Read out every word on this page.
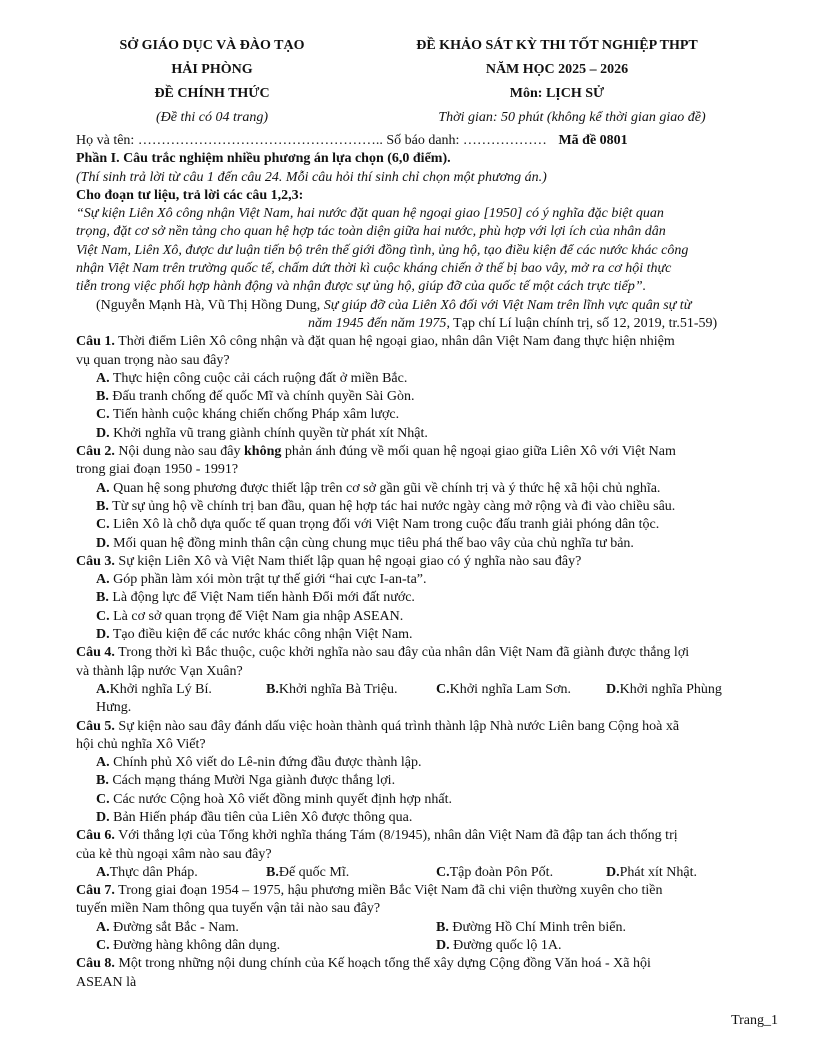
SỞ GIÁO DỤC VÀ ĐÀO TẠO
HẢI PHÒNG
ĐỀ CHÍNH THỨC
(Đề thi có 04 trang)
ĐỀ KHẢO SÁT KỲ THI TỐT NGHIỆP THPT
NĂM HỌC 2025 – 2026
Môn: LỊCH SỬ
Thời gian: 50 phút (không kể thời gian giao đề)
Họ và tên: …………………………………………….. Số báo danh: ……………… Mã đề 0801
Phần I. Câu trắc nghiệm nhiều phương án lựa chọn (6,0 điểm).
(Thí sinh trả lời từ câu 1 đến câu 24. Mỗi câu hỏi thí sinh chỉ chọn một phương án.)
Cho đoạn tư liệu, trả lời các câu 1,2,3:
“Sự kiện Liên Xô công nhận Việt Nam, hai nước đặt quan hệ ngoại giao [1950] có ý nghĩa đặc biệt quan
trọng, đặt cơ sở nền tảng cho quan hệ hợp tác toàn diện giữa hai nước, phù hợp với lợi ích của nhân dân
Việt Nam, Liên Xô, được dư luận tiến bộ trên thế giới đồng tình, ủng hộ, tạo điều kiện để các nước khác công
nhận Việt Nam trên trường quốc tế, chấm dứt thời kì cuộc kháng chiến ở thế bị bao vây, mở ra cơ hội thực
tiễn trong việc phối hợp hành động và nhận được sự ủng hộ, giúp đỡ của quốc tế một cách trực tiếp”.
(Nguyễn Mạnh Hà, Vũ Thị Hồng Dung, Sự giúp đỡ của Liên Xô đối với Việt Nam trên lĩnh vực quân sự từ
năm 1945 đến năm 1975, Tạp chí Lí luận chính trị, số 12, 2019, tr.51-59)
Câu 1. Thời điểm Liên Xô công nhận và đặt quan hệ ngoại giao, nhân dân Việt Nam đang thực hiện nhiệm
vụ quan trọng nào sau đây?
A. Thực hiện công cuộc cải cách ruộng đất ở miền Bắc.
B. Đấu tranh chống đế quốc Mĩ và chính quyền Sài Gòn.
C. Tiến hành cuộc kháng chiến chống Pháp xâm lược.
D. Khởi nghĩa vũ trang giành chính quyền từ phát xít Nhật.
Câu 2. Nội dung nào sau đây không phản ánh đúng về mối quan hệ ngoại giao giữa Liên Xô với Việt Nam
trong giai đoạn 1950 - 1991?
A. Quan hệ song phương được thiết lập trên cơ sở gần gũi về chính trị và ý thức hệ xã hội chủ nghĩa.
B. Từ sự ủng hộ về chính trị ban đầu, quan hệ hợp tác hai nước ngày càng mở rộng và đi vào chiều sâu.
C. Liên Xô là chỗ dựa quốc tế quan trọng đối với Việt Nam trong cuộc đấu tranh giải phóng dân tộc.
D. Mối quan hệ đồng minh thân cận cùng chung mục tiêu phá thế bao vây của chủ nghĩa tư bản.
Câu 3. Sự kiện Liên Xô và Việt Nam thiết lập quan hệ ngoại giao có ý nghĩa nào sau đây?
A. Góp phần làm xói mòn trật tự thế giới “hai cực I-an-ta”.
B. Là động lực để Việt Nam tiến hành Đổi mới đất nước.
C. Là cơ sở quan trọng để Việt Nam gia nhập ASEAN.
D. Tạo điều kiện để các nước khác công nhận Việt Nam.
Câu 4. Trong thời kì Bắc thuộc, cuộc khởi nghĩa nào sau đây của nhân dân Việt Nam đã giành được thắng lợi
và thành lập nước Vạn Xuân?
A.Khởi nghĩa Lý Bí.	B.Khởi nghĩa Bà Triệu.	C.Khởi nghĩa Lam Sơn.	D.Khởi nghĩa Phùng
Hưng.
Câu 5. Sự kiện nào sau đây đánh dấu việc hoàn thành quá trình thành lập Nhà nước Liên bang Cộng hoà xã
hội chủ nghĩa Xô Viết?
A. Chính phủ Xô viết do Lê-nin đứng đầu được thành lập.
B. Cách mạng tháng Mười Nga giành được thắng lợi.
C. Các nước Cộng hoà Xô viết đồng minh quyết định hợp nhất.
D. Bản Hiến pháp đầu tiên của Liên Xô được thông qua.
Câu 6. Với thắng lợi của Tổng khởi nghĩa tháng Tám (8/1945), nhân dân Việt Nam đã đập tan ách thống trị
của kẻ thù ngoại xâm nào sau đây?
A.Thực dân Pháp.	B.Đế quốc Mĩ.	C.Tập đoàn Pôn Pốt.	D.Phát xít Nhật.
Câu 7. Trong giai đoạn 1954 – 1975, hậu phương miền Bắc Việt Nam đã chi viện thường xuyên cho tiền
tuyến miền Nam thông qua tuyến vận tải nào sau đây?
A. Đường sắt Bắc - Nam.	B. Đường Hồ Chí Minh trên biển.
C. Đường hàng không dân dụng.	D. Đường quốc lộ 1A.
Câu 8. Một trong những nội dung chính của Kế hoạch tổng thể xây dựng Cộng đồng Văn hoá - Xã hội
ASEAN là
Trang_1
